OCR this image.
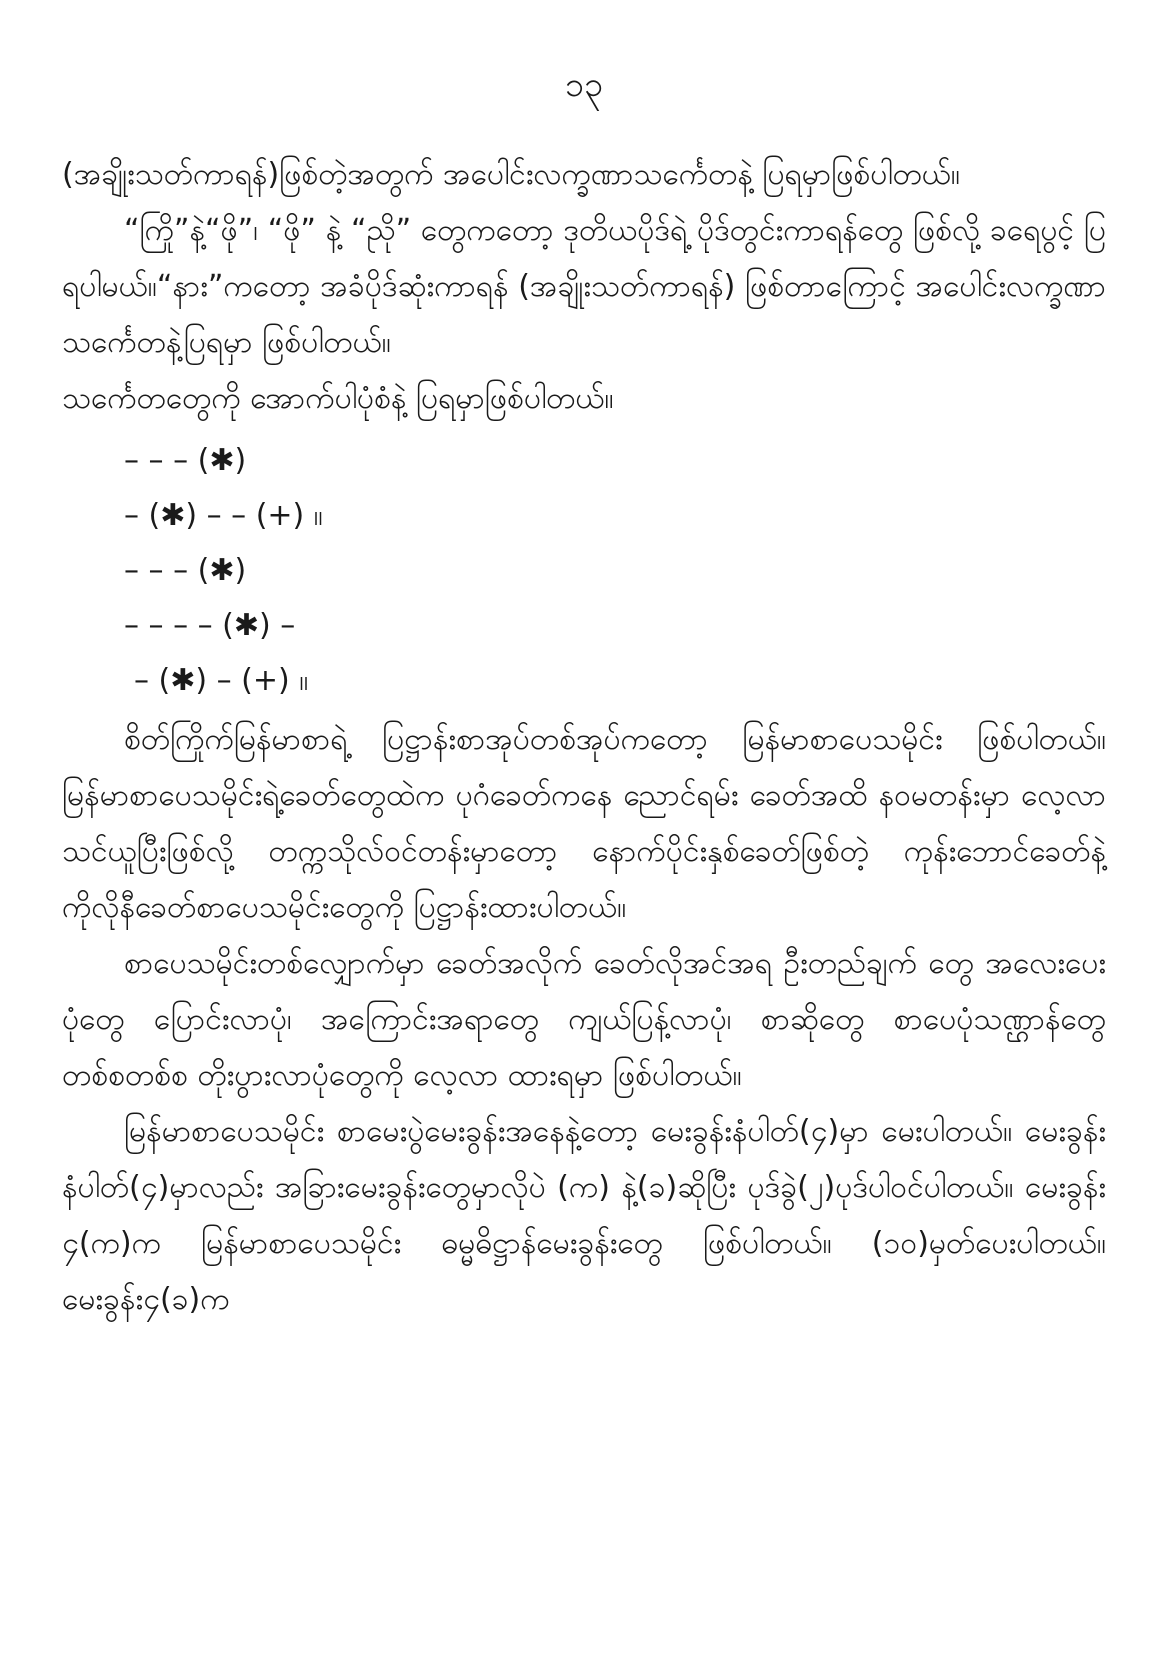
၁၃

(အချိုးသတ်ကာရန်)ဖြစ်တဲ့အတွက် အပေါင်းလက္ခဏာသင်္ကေတနဲ့ ပြရမှာဖြစ်ပါတယ်။

“ကြို”နဲ့“ဖို”၊ “ဖို” နဲ့ “ညို” တွေကတော့ ဒုတိယပိုဒ်ရဲ့ ပိုဒ်တွင်းကာရန်တွေ ဖြစ်လို့ ခရေပွင့် ပြရပါမယ်။“နား”ကတော့ အခံပိုဒ်ဆုံးကာရန် (အချိုးသတ်ကာရန်) ဖြစ်တာကြောင့် အပေါင်းလက္ခဏာသင်္ကေတနဲ့ပြရမှာ ဖြစ်ပါတယ်။

သင်္ကေတတွေကို အောက်ပါပုံစံနဲ့ ပြရမှာဖြစ်ပါတယ်။

– – – (✱)
– (✱) – – (+) ။
– – – (✱)
– – – – (✱) –
– (✱) – (+) ။

စိတ်ကြိုက်မြန်မာစာရဲ့ ပြဋ္ဌာန်းစာအုပ်တစ်အုပ်ကတော့ မြန်မာစာပေသမိုင်း ဖြစ်ပါတယ်။ မြန်မာစာပေသမိုင်းရဲ့ခေတ်တွေထဲက ပုဂံခေတ်ကနေ ညောင်ရမ်း ခေတ်အထိ နဝမတန်းမှာ လေ့လာသင်ယူပြီးဖြစ်လို့ တက္ကသိုလ်ဝင်တန်းမှာတော့ နောက်ပိုင်းနှစ်ခေတ်ဖြစ်တဲ့ ကုန်းဘောင်ခေတ်နဲ့ ကိုလိုနီခေတ်စာပေသမိုင်းတွေကို ပြဋ္ဌာန်းထားပါတယ်။

စာပေသမိုင်းတစ်လျှောက်မှာ ခေတ်အလိုက် ခေတ်လိုအင်အရ ဦးတည်ချက် တွေ အလေးပေးပုံတွေ ပြောင်းလာပုံ၊ အကြောင်းအရာတွေ ကျယ်ပြန့်လာပုံ၊ စာဆိုတွေ စာပေပုံသဏ္ဌာန်တွေ တစ်စတစ်စ တိုးပွားလာပုံတွေကို လေ့လာ ထားရမှာ ဖြစ်ပါတယ်။

မြန်မာစာပေသမိုင်း စာမေးပွဲမေးခွန်းအနေနဲ့တော့ မေးခွန်းနံပါတ်(၄)မှာ မေးပါတယ်။ မေးခွန်း နံပါတ်(၄)မှာလည်း အခြားမေးခွန်းတွေမှာလိုပဲ (က) နဲ့(ခ)ဆိုပြီး ပုဒ်ခွဲ(၂)ပုဒ်ပါဝင်ပါတယ်။ မေးခွန်း ၄(က)က မြန်မာစာပေသမိုင်း ဓမ္မဓိဋ္ဌာန်မေးခွန်းတွေ ဖြစ်ပါတယ်။ (၁၀)မှတ်ပေးပါတယ်။ မေးခွန်း၄(ခ)က
